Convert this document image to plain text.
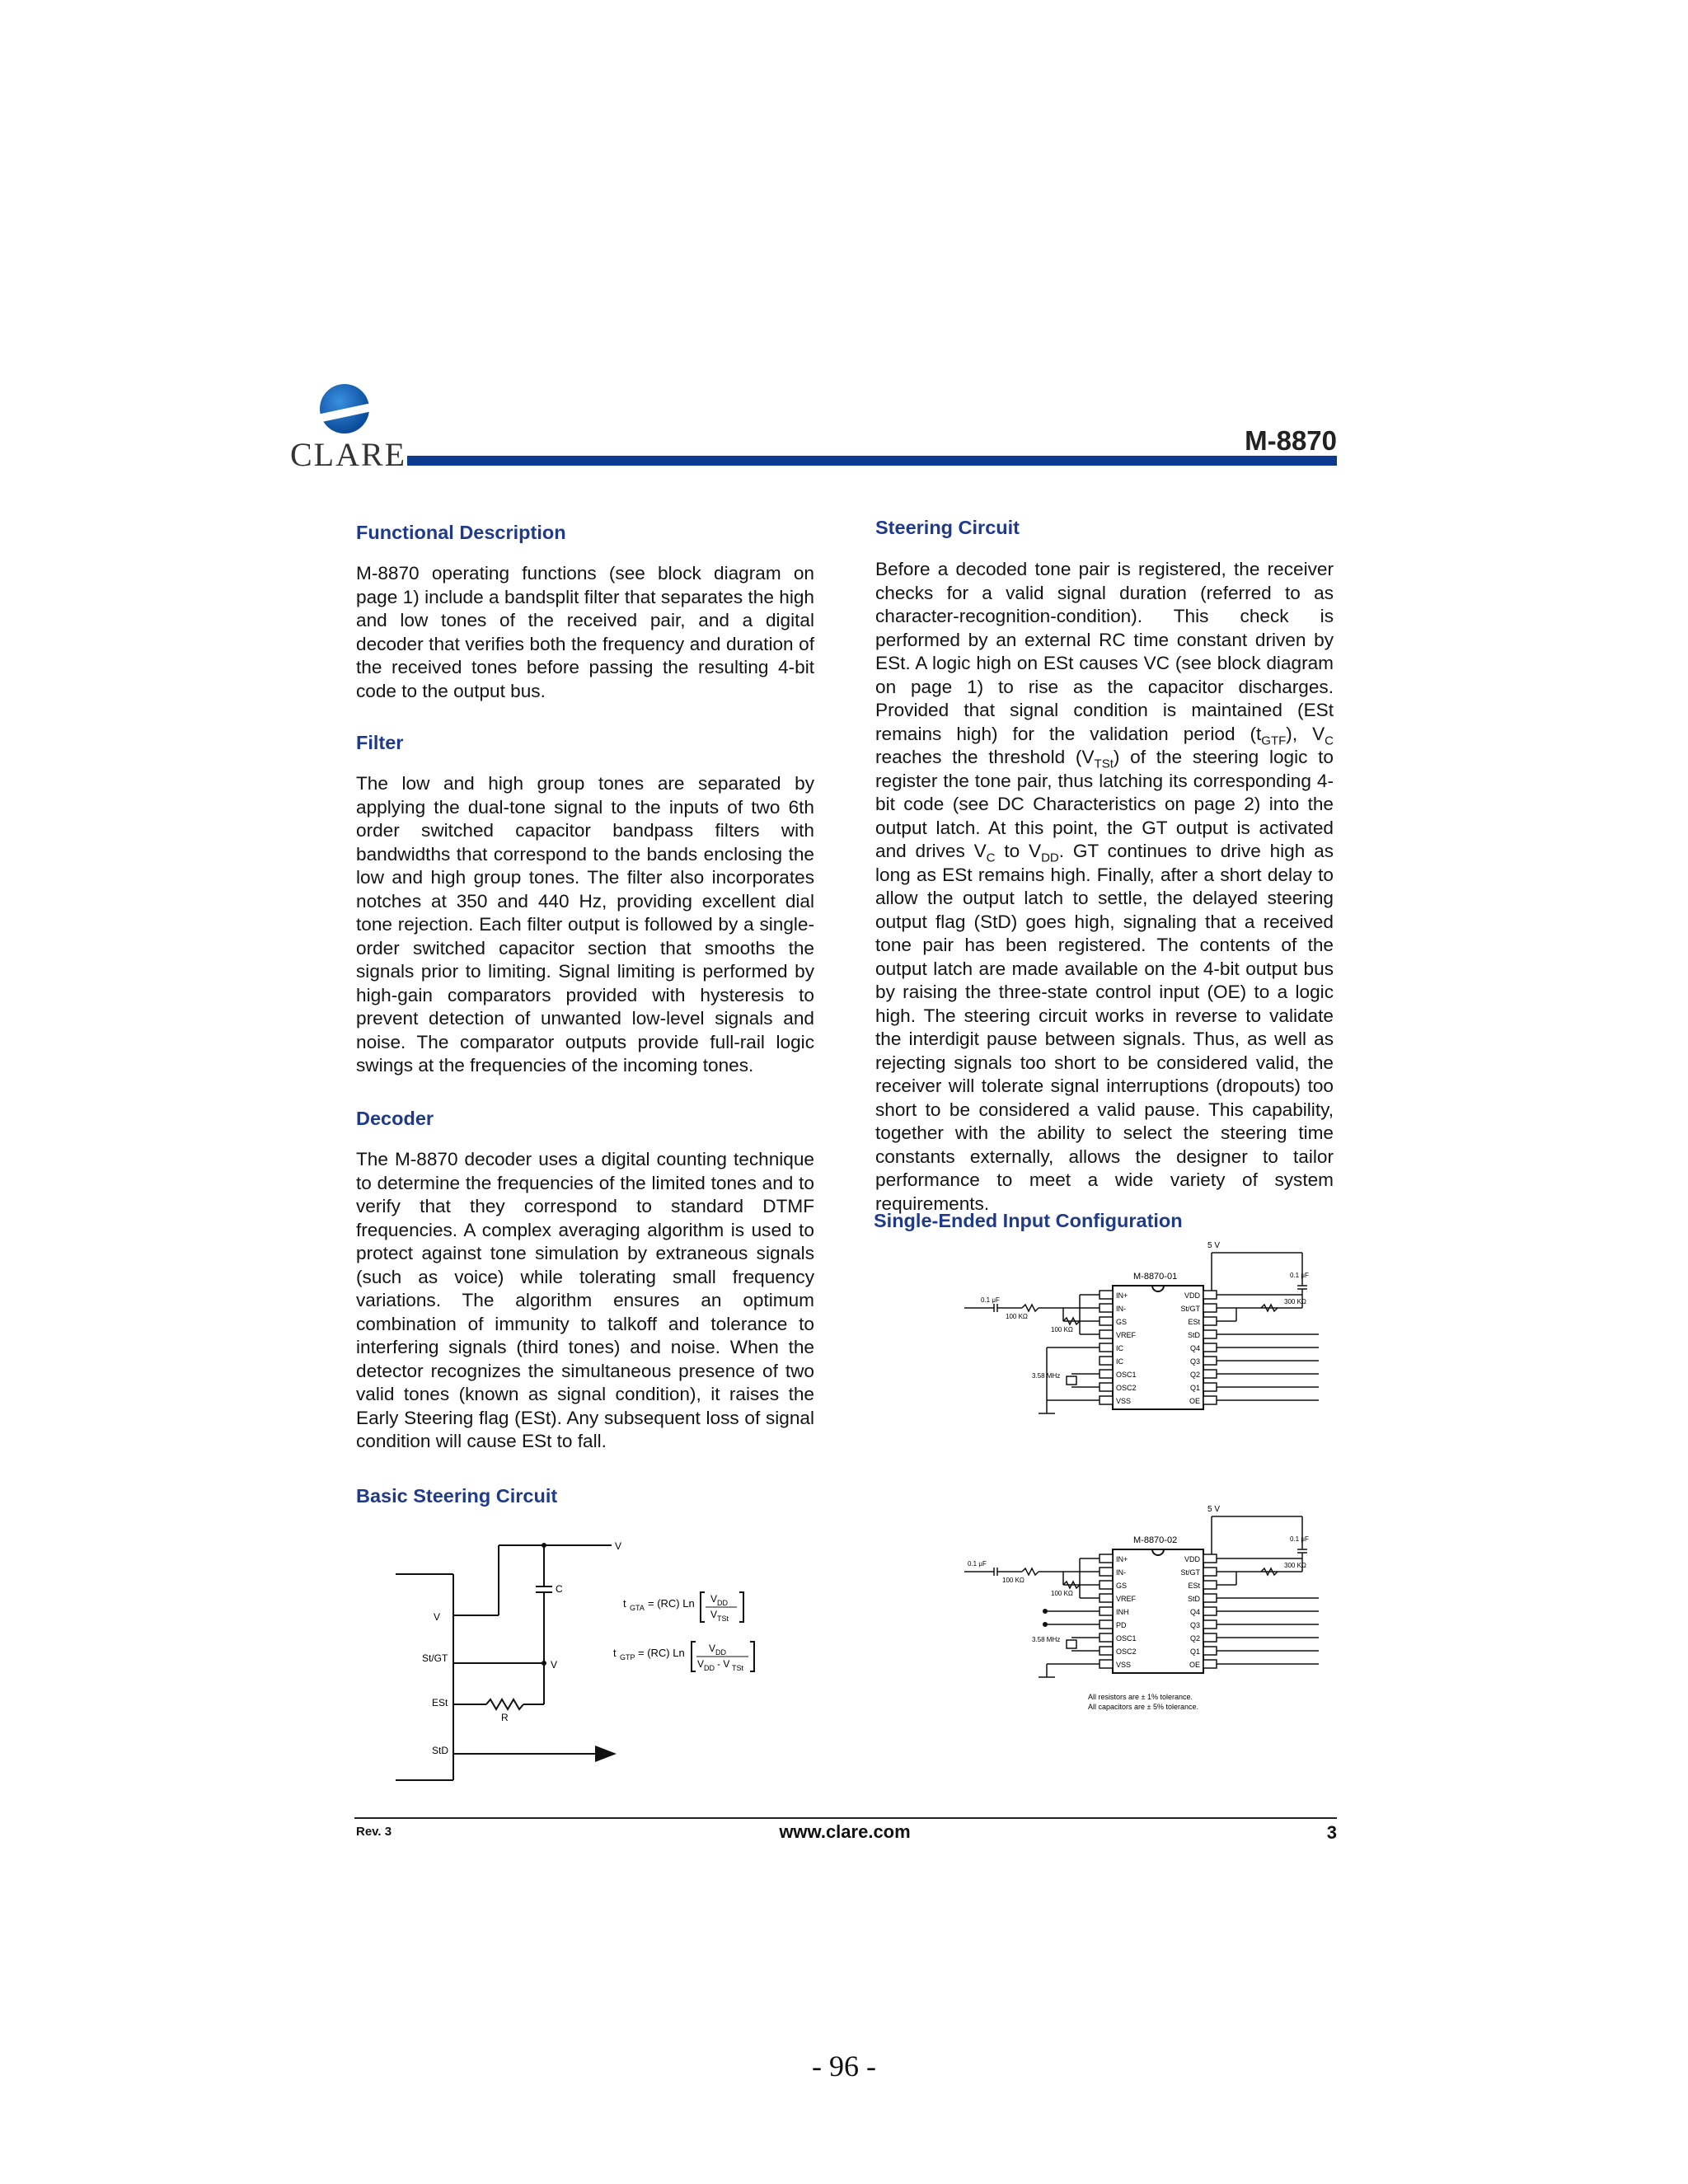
CLARE	M-8870
Functional Description
M-8870 operating functions (see block diagram on page 1) include a bandsplit filter that separates the high and low tones of the received pair, and a digital decoder that verifies both the frequency and duration of the received tones before passing the resulting 4-bit code to the output bus.
Filter
The low and high group tones are separated by applying the dual-tone signal to the inputs of two 6th order switched capacitor bandpass filters with bandwidths that correspond to the bands enclosing the low and high group tones. The filter also incorporates notches at 350 and 440 Hz, providing excellent dial tone rejection. Each filter output is followed by a single-order switched capacitor section that smooths the signals prior to limiting. Signal limiting is performed by high-gain comparators provided with hysteresis to prevent detection of unwanted low-level signals and noise. The comparator outputs provide full-rail logic swings at the frequencies of the incoming tones.
Decoder
The M-8870 decoder uses a digital counting technique to determine the frequencies of the limited tones and to verify that they correspond to standard DTMF frequencies. A complex averaging algorithm is used to protect against tone simulation by extraneous signals (such as voice) while tolerating small frequency variations. The algorithm ensures an optimum combination of immunity to talkoff and tolerance to interfering signals (third tones) and noise. When the detector recognizes the simultaneous presence of two valid tones (known as signal condition), it raises the Early Steering flag (ESt). Any subsequent loss of signal condition will cause ESt to fall.
Basic Steering Circuit
V
V
C
V
St/GT
ESt
R
StD
t GTA = (RC) Ln V DD
V TSt
t GTP = (RC) Ln V DD
V DD - V TSt
Steering Circuit
Before a decoded tone pair is registered, the receiver checks for a valid signal duration (referred to as character-recognition-condition). This check is performed by an external RC time constant driven by ESt. A logic high on ESt causes VC (see block diagram on page 1) to rise as the capacitor discharges. Provided that signal condition is maintained (ESt remains high) for the validation period $(t_{GTF})$, $V_C$ reaches the threshold $(V_{TSt})$ of the steering logic to register the tone pair, thus latching its corresponding 4-bit code (see DC Characteristics on page 2) into the output latch. At this point, the GT output is activated and drives $V_C$ to $V_{DD}$. GT continues to drive high as long as ESt remains high. Finally, after a short delay to allow the output latch to settle, the delayed steering output flag (StD) goes high, signaling that a received tone pair has been registered. The contents of the output latch are made available on the 4-bit output bus by raising the three-state control input (OE) to a logic high. The steering circuit works in reverse to validate the interdigit pause between signals. Thus, as well as rejecting signals too short to be considered valid, the receiver will tolerate signal interruptions (dropouts) too short to be considered a valid pause. This capability, together with the ability to select the steering time constants externally, allows the designer to tailor performance to meet a wide variety of system requirements.
Single-Ended Input Configuration
M-8870-01
5 V
IN+
IN-
GS
VREF
IC
IC
OSC1
OSC2
VSS
VDD
St/GT
ESt
StD
Q4
Q3
Q2
Q1
OE
0.1 μF
100 KΩ
100 KΩ
3.58 MHz
0.1 μF
300 KΩ
M-8870-02
5 V
IN+
IN-
GS
VREF
INH
PD
OSC1
OSC2
VSS
VDD
St/GT
ESt
StD
Q4
Q3
Q2
Q1
OE
0.1 μF
100 KΩ
100 KΩ
3.58 MHz
0.1 μF
300 KΩ
All resistors are ± 1% tolerance.
All capacitors are ± 5% tolerance.
Rev. 3	www.clare.com	3
- 96 -
